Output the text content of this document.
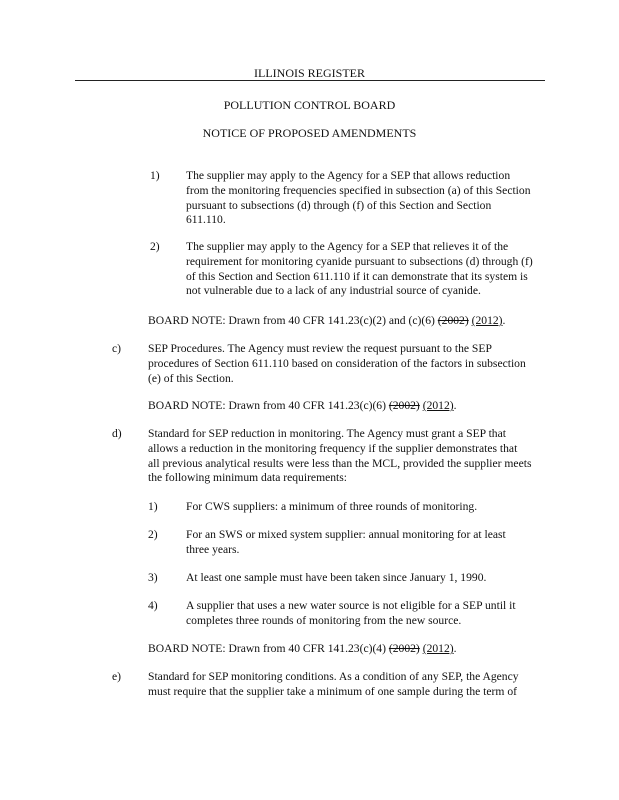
ILLINOIS REGISTER
POLLUTION CONTROL BOARD
NOTICE OF PROPOSED AMENDMENTS
1) The supplier may apply to the Agency for a SEP that allows reduction
from the monitoring frequencies specified in subsection (a) of this Section
pursuant to subsections (d) through (f) of this Section and Section
611.110.
2) The supplier may apply to the Agency for a SEP that relieves it of the
requirement for monitoring cyanide pursuant to subsections (d) through (f)
of this Section and Section 611.110 if it can demonstrate that its system is
not vulnerable due to a lack of any industrial source of cyanide.
BOARD NOTE: Drawn from 40 CFR 141.23(c)(2) and (c)(6) (2002) (2012).
c) SEP Procedures. The Agency must review the request pursuant to the SEP
procedures of Section 611.110 based on consideration of the factors in subsection
(e) of this Section.
BOARD NOTE: Drawn from 40 CFR 141.23(c)(6) (2002) (2012).
d) Standard for SEP reduction in monitoring. The Agency must grant a SEP that
allows a reduction in the monitoring frequency if the supplier demonstrates that
all previous analytical results were less than the MCL, provided the supplier meets
the following minimum data requirements:
1) For CWS suppliers: a minimum of three rounds of monitoring.
2) For an SWS or mixed system supplier: annual monitoring for at least
three years.
3) At least one sample must have been taken since January 1, 1990.
4) A supplier that uses a new water source is not eligible for a SEP until it
completes three rounds of monitoring from the new source.
BOARD NOTE: Drawn from 40 CFR 141.23(c)(4) (2002) (2012).
e) Standard for SEP monitoring conditions. As a condition of any SEP, the Agency
must require that the supplier take a minimum of one sample during the term of
